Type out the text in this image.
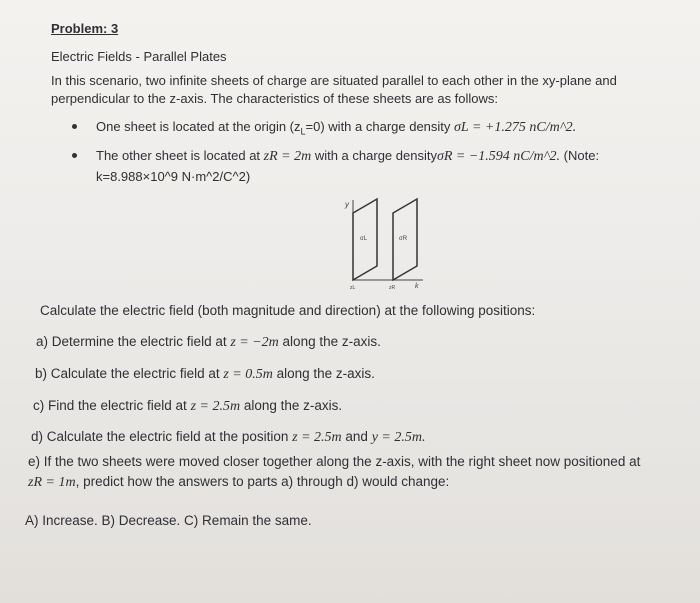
Problem: 3
Electric Fields - Parallel Plates
In this scenario, two infinite sheets of charge are situated parallel to each other in the xy-plane and perpendicular to the z-axis. The characteristics of these sheets are as follows:
One sheet is located at the origin $(z_L=0)$ with a charge density σL = +1.275 nC/m^2.
The other sheet is located at zR = 2m with a charge densityσR = −1.594 nC/m^2. (Note:
k=8.988×10^9 N·m^2/C^2)
y
σL	σR
k
zL	zR
Calculate the electric field (both magnitude and direction) at the following positions:
a) Determine the electric field at z = −2m along the z-axis.
b) Calculate the electric field at z = 0.5m along the z-axis.
c) Find the electric field at z = 2.5m along the z-axis.
d) Calculate the electric field at the position z = 2.5m and y = 2.5m.
e) If the two sheets were moved closer together along the z-axis, with the right sheet now positioned at
zR = 1m, predict how the answers to parts a) through d) would change:
A) Increase. B) Decrease. C) Remain the same.
